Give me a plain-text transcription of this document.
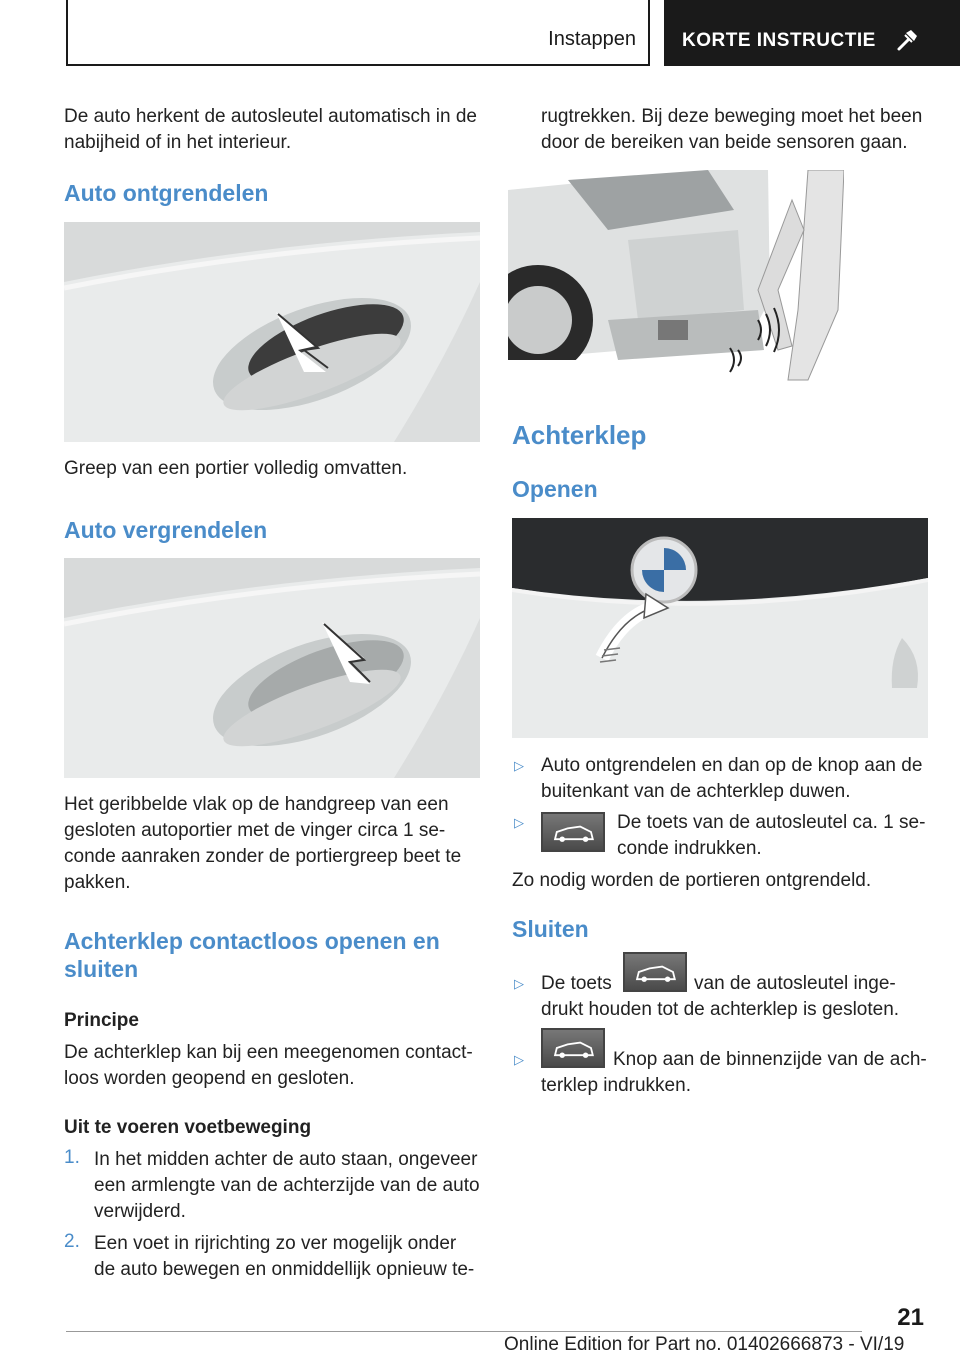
Instappen KORTE INSTRUCTIE
De auto herkent de autosleutel automatisch in de
nabijheid of in het interieur.
Auto ontgrendelen
Greep van een portier volledig omvatten.
Auto vergrendelen
Het geribbelde vlak op de handgreep van een
gesloten autoportier met de vinger circa 1 se-
conde aanraken zonder de portiergreep beet te
pakken.
Achterklep contactloos openen en
sluiten
Principe
De achterklep kan bij een meegenomen contact-
loos worden geopend en gesloten.
Uit te voeren voetbeweging
1. In het midden achter de auto staan, ongeveer
een armlengte van de achterzijde van de auto
verwijderd.
2. Een voet in rijrichting zo ver mogelijk onder
de auto bewegen en onmiddellijk opnieuw te-
rugtrekken. Bij deze beweging moet het been
door de bereiken van beide sensoren gaan.
Achterklep
Openen
▷ Auto ontgrendelen en dan op de knop aan de
buitenkant van de achterklep duwen.
▷	De toets van de autosleutel ca. 1 se-
conde indrukken.
Zo nodig worden de portieren ontgrendeld.
Sluiten
▷ De toets	van de autosleutel inge-
drukt houden tot de achterklep is gesloten.
▷	Knop aan de binnenzijde van de ach-
terklep indrukken.
21
Online Edition for Part no. 01402666873 - VI/19
